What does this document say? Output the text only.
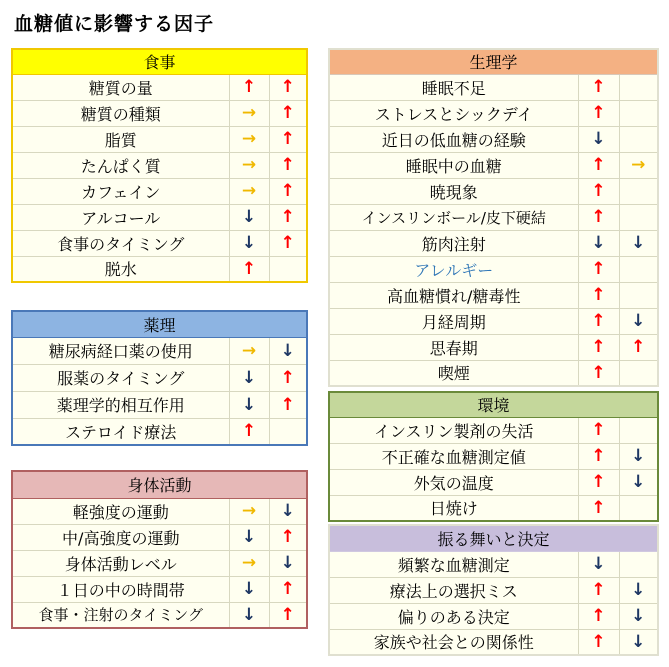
血糖値に影響する因子
食事		
糖質の量	↑	↑
糖質の種類	→	↑
脂質	→	↑
たんぱく質	→	↑
カフェイン	→	↑
アルコール	↓	↑
食事のタイミング	↓	↑
脱水	↑	
薬理		
糖尿病経口薬の使用	→	↓
服薬のタイミング	↓	↑
薬理学的相互作用	↓	↑
ステロイド療法	↑	
身体活動		
軽強度の運動	→	↓
中/高強度の運動	↓	↑
身体活動レベル	→	↓
１日の中の時間帯	↓	↑
食事・注射のタイミング	↓	↑
生理学		
睡眠不足	↑	
ストレスとシックデイ	↑	
近日の低血糖の経験	↓	
睡眠中の血糖	↑	→
暁現象	↑	
インスリンボール/皮下硬結	↑	
筋肉注射	↓	↓
アレルギー	↑	
高血糖慣れ/糖毒性	↑	
月経周期	↑	↓
思春期	↑	↑
喫煙	↑	
環境		
インスリン製剤の失活	↑	
不正確な血糖測定値	↑	↓
外気の温度	↑	↓
日焼け	↑	
振る舞いと決定		
頻繁な血糖測定	↓	
療法上の選択ミス	↑	↓
偏りのある決定	↑	↓
家族や社会との関係性	↑	↓
